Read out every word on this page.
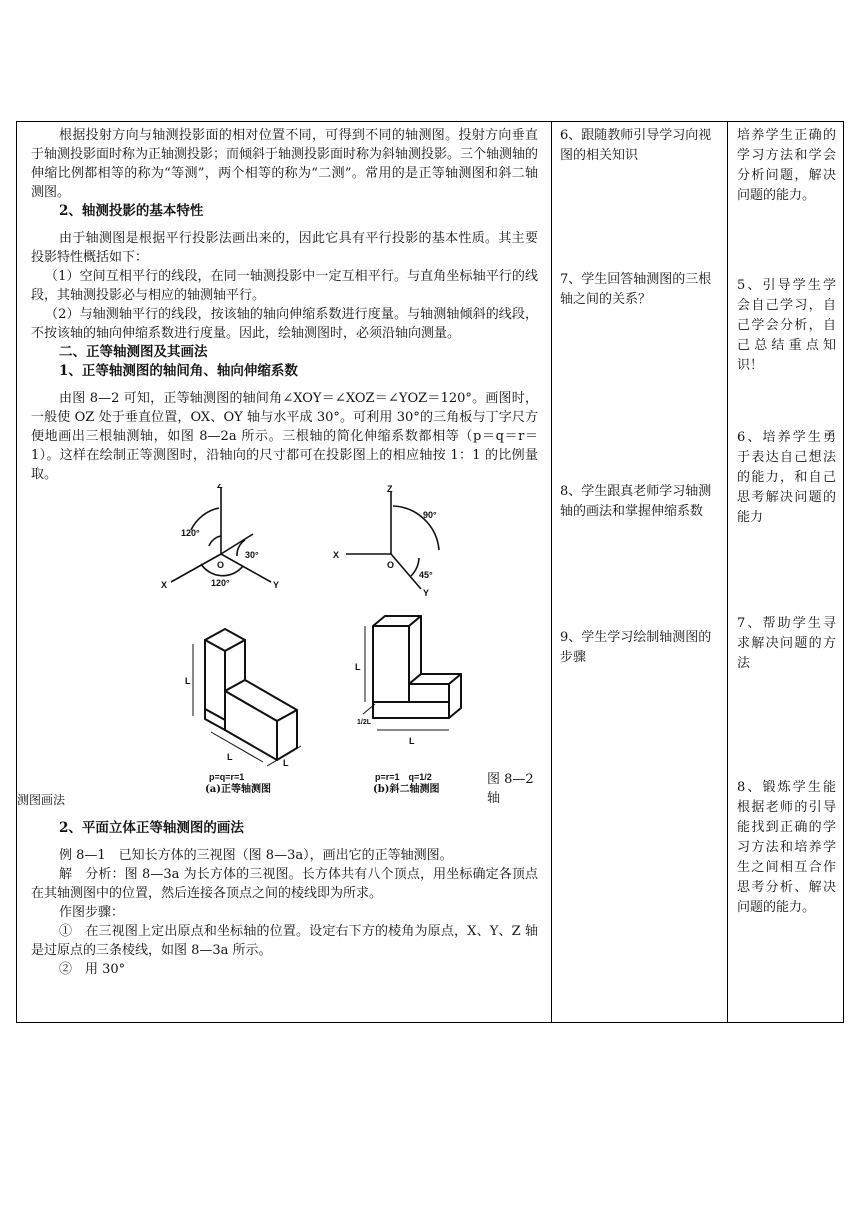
根据投射方向与轴测投影面的相对位置不同，可得到不同的轴测图。投射方向垂直于轴测投影面时称为正轴测投影；而倾斜于轴测投影面时称为斜轴测投影。三个轴测轴的伸缩比例都相等的称为“等测”，两个相等的称为“二测”。常用的是正等轴测图和斜二轴测图。

2、轴测投影的基本特性

由于轴测图是根据平行投影法画出来的，因此它具有平行投影的基本性质。其主要投影特性概括如下：

（1）空间互相平行的线段，在同一轴测投影中一定互相平行。与直角坐标轴平行的线段，其轴测投影必与相应的轴测轴平行。

（2）与轴测轴平行的线段，按该轴的轴向伸缩系数进行度量。与轴测轴倾斜的线段，不按该轴的轴向伸缩系数进行度量。因此，绘轴测图时，必须沿轴向测量。

二、正等轴测图及其画法

1、正等轴测图的轴间角、轴向伸缩系数

由图 8—2 可知，正等轴测图的轴间角∠XOY＝∠XOZ＝∠YOZ＝120°。画图时，一般使 OZ 处于垂直位置，OX、OY 轴与水平成 30°。可利用 30°的三角板与丁字尺方便地画出三根轴测轴，如图 8—2a 所示。三根轴的简化伸缩系数都相等（p＝q＝r＝1）。这样在绘制正等测图时，沿轴向的尺寸都可在投影图上的相应轴按 1：1 的比例量取。

Z
X	Y
O
120°
120°
30°
Z
X
Y
O
90°
45°
L
L
L
L
L
1/2L
p=q=r=1	p=r=1　q=1/2
(a)正等轴测图	(b)斜二轴测图
图 8—2　轴

测图画法

2、平面立体正等轴测图的画法

例 8—1　已知长方体的三视图（图 8—3a），画出它的正等轴测图。

解　分析：图 8—3a 为长方体的三视图。长方体共有八个顶点，用坐标确定各顶点在其轴测图中的位置，然后连接各顶点之间的棱线即为所求。

作图步骤：

①　在三视图上定出原点和坐标轴的位置。设定右下方的棱角为原点，X、Y、Z 轴是过原点的三条棱线，如图 8—3a 所示。

②　用 30°

6、跟随教师引导学习向视图的相关知识
7、学生回答轴测图的三根轴之间的关系？
8、学生跟真老师学习轴测轴的画法和掌握伸缩系数
9、学生学习绘制轴测图的步骤
培养学生正确的学习方法和学会分析问题，解决问题的能力。
5、引导学生学会自己学习，自己学会分析，自己总结重点知识！
6、培养学生勇于表达自己想法的能力，和自己思考解决问题的能力
7、帮助学生寻求解决问题的方法
8、锻炼学生能根据老师的引导能找到正确的学习方法和培养学生之间相互合作思考分析、解决问题的能力。
